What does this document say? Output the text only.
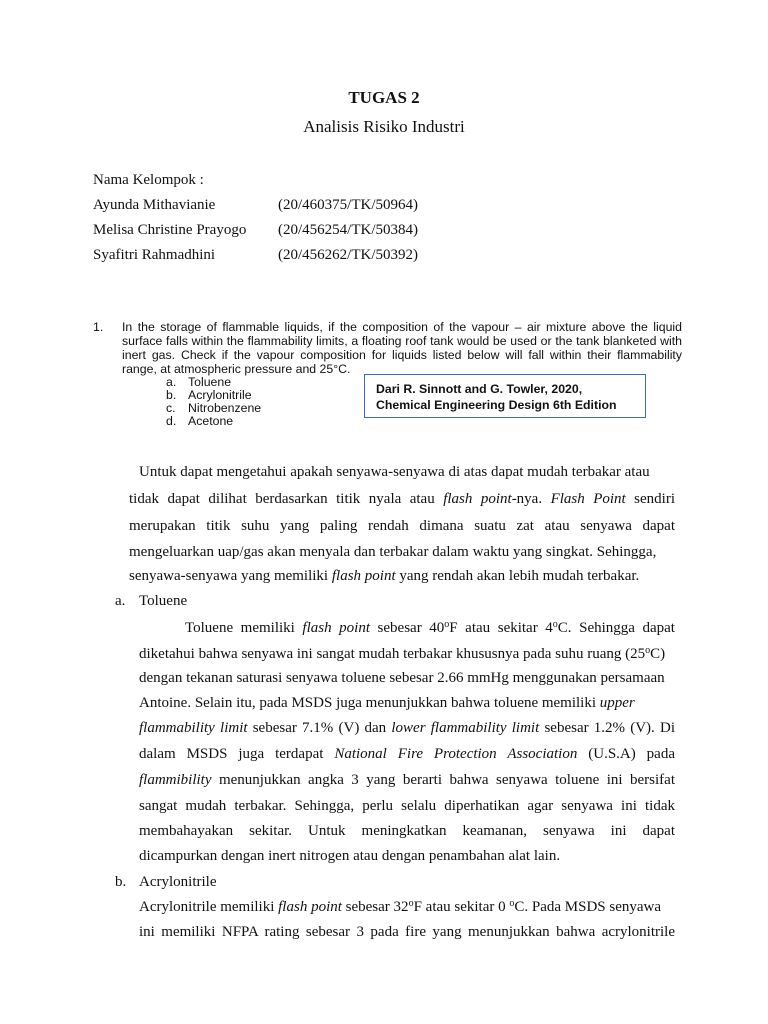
TUGAS 2
Analisis Risiko Industri
Nama Kelompok :
Ayunda Mithavianie	(20/460375/TK/50964)
Melisa Christine Prayogo (20/456254/TK/50384)
Syafitri Rahmadhini	(20/456262/TK/50392)
1. In the storage of flammable liquids, if the composition of the vapour – air mixture above the liquid surface falls within the flammability limits, a floating roof tank would be used or the tank blanketed with inert gas. Check if the vapour composition for liquids listed below will fall within their flammability range, at atmospheric pressure and 25°C.
a. Toluene
b. Acrylonitrile
c. Nitrobenzene
d. Acetone
Dari R. Sinnott and G. Towler, 2020,
Chemical Engineering Design 6th Edition
Untuk dapat mengetahui apakah senyawa-senyawa di atas dapat mudah terbakar atau
tidak dapat dilihat berdasarkan titik nyala atau flash point-nya. Flash Point sendiri
merupakan titik suhu yang paling rendah dimana suatu zat atau senyawa dapat
mengeluarkan uap/gas akan menyala dan terbakar dalam waktu yang singkat. Sehingga,
senyawa-senyawa yang memiliki flash point yang rendah akan lebih mudah terbakar.
a. Toluene
Toluene memiliki flash point sebesar 40$^o$F atau sekitar 4$^o$C. Sehingga dapat
diketahui bahwa senyawa ini sangat mudah terbakar khususnya pada suhu ruang (25$^o$C)
dengan tekanan saturasi senyawa toluene sebesar 2.66 mmHg menggunakan persamaan
Antoine. Selain itu, pada MSDS juga menunjukkan bahwa toluene memiliki upper
flammability limit sebesar 7.1% (V) dan lower flammability limit sebesar 1.2% (V). Di
dalam MSDS juga terdapat National Fire Protection Association (U.S.A) pada
flammibility menunjukkan angka 3 yang berarti bahwa senyawa toluene ini bersifat
sangat mudah terbakar. Sehingga, perlu selalu diperhatikan agar senyawa ini tidak
membahayakan sekitar. Untuk meningkatkan keamanan, senyawa ini dapat
dicampurkan dengan inert nitrogen atau dengan penambahan alat lain.
b. Acrylonitrile
Acrylonitrile memiliki flash point sebesar 32$^o$F atau sekitar 0 $^o$C. Pada MSDS senyawa
ini memiliki NFPA rating sebesar 3 pada fire yang menunjukkan bahwa acrylonitrile
